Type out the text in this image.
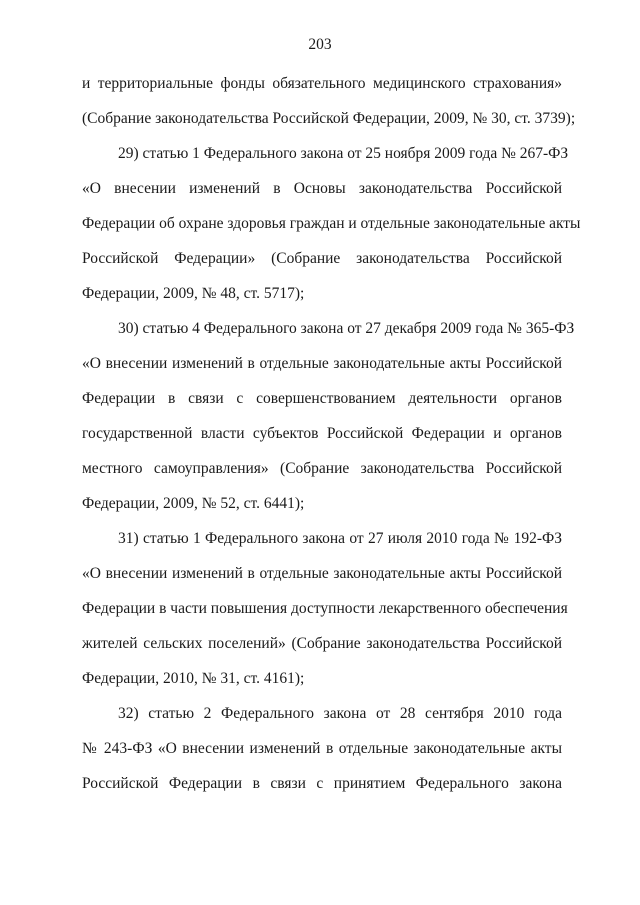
203
и территориальные фонды обязательного медицинского страхования»
(Собрание законодательства Российской Федерации, 2009, № 30, ст. 3739);
29) статью 1 Федерального закона от 25 ноября 2009 года № 267-ФЗ
«О внесении изменений в Основы законодательства Российской
Федерации об охране здоровья граждан и отдельные законодательные акты
Российской Федерации» (Собрание законодательства Российской
Федерации, 2009, № 48, ст. 5717);
30) статью 4 Федерального закона от 27 декабря 2009 года № 365-ФЗ
«О внесении изменений в отдельные законодательные акты Российской
Федерации в связи с совершенствованием деятельности органов
государственной власти субъектов Российской Федерации и органов
местного самоуправления» (Собрание законодательства Российской
Федерации, 2009, № 52, ст. 6441);
31) статью 1 Федерального закона от 27 июля 2010 года № 192-ФЗ
«О внесении изменений в отдельные законодательные акты Российской
Федерации в части повышения доступности лекарственного обеспечения
жителей сельских поселений» (Собрание законодательства Российской
Федерации, 2010, № 31, ст. 4161);
32) статью 2 Федерального закона от 28 сентября 2010 года
№ 243-ФЗ «О внесении изменений в отдельные законодательные акты
Российской Федерации в связи с принятием Федерального закона
